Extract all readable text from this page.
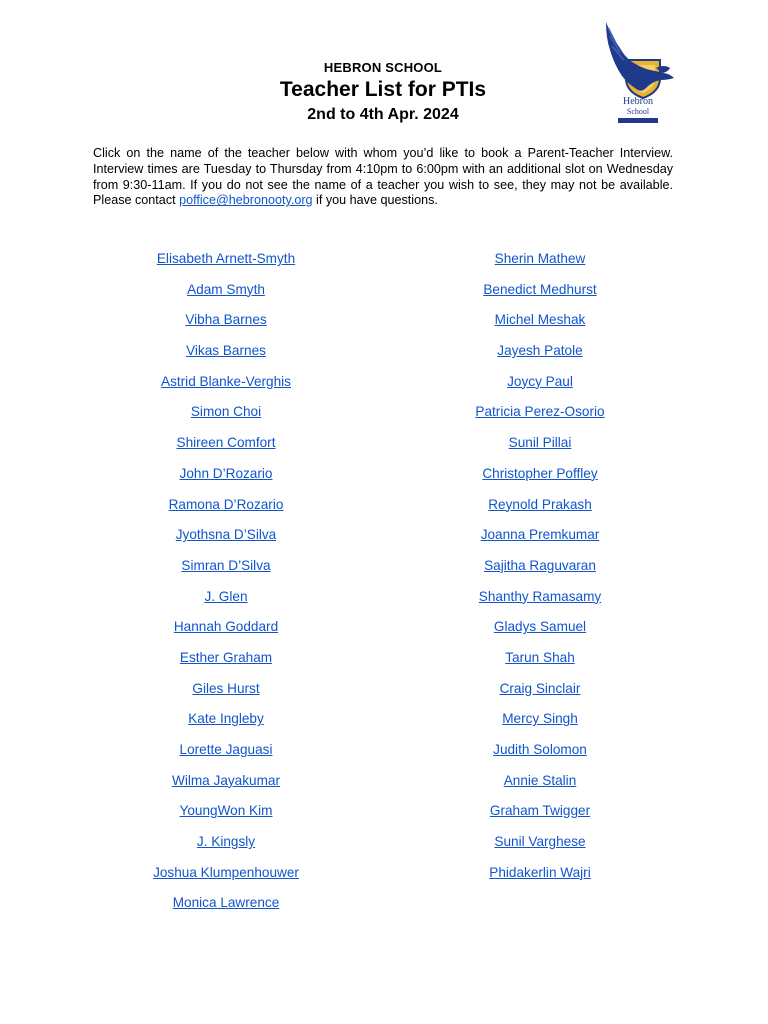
HEBRON SCHOOL
Teacher List for PTIs
2nd to 4th Apr. 2024
Hebron
School
Click on the name of the teacher below with whom you’d like to book a Parent-Teacher Interview. Interview times are Tuesday to Thursday from 4:10pm to 6:00pm with an additional slot on Wednesday from 9:30-11am. If you do not see the name of a teacher you wish to see, they may not be available. Please contact poffice@hebronooty.org if you have questions.
Elisabeth Arnett-Smyth
Adam Smyth
Vibha Barnes
Vikas Barnes
Astrid Blanke-Verghis
Simon Choi
Shireen Comfort
John D’Rozario
Ramona D’Rozario
Jyothsna D’Silva
Simran D’Silva
J. Glen
Hannah Goddard
Esther Graham
Giles Hurst
Kate Ingleby
Lorette Jaguasi
Wilma Jayakumar
YoungWon Kim
J. Kingsly
Joshua Klumpenhouwer
Monica Lawrence
Sherin Mathew
Benedict Medhurst
Michel Meshak
Jayesh Patole
Joycy Paul
Patricia Perez-Osorio
Sunil Pillai
Christopher Poffley
Reynold Prakash
Joanna Premkumar
Sajitha Raguvaran
Shanthy Ramasamy
Gladys Samuel
Tarun Shah
Craig Sinclair
Mercy Singh
Judith Solomon
Annie Stalin
Graham Twigger
Sunil Varghese
Phidakerlin Wajri
